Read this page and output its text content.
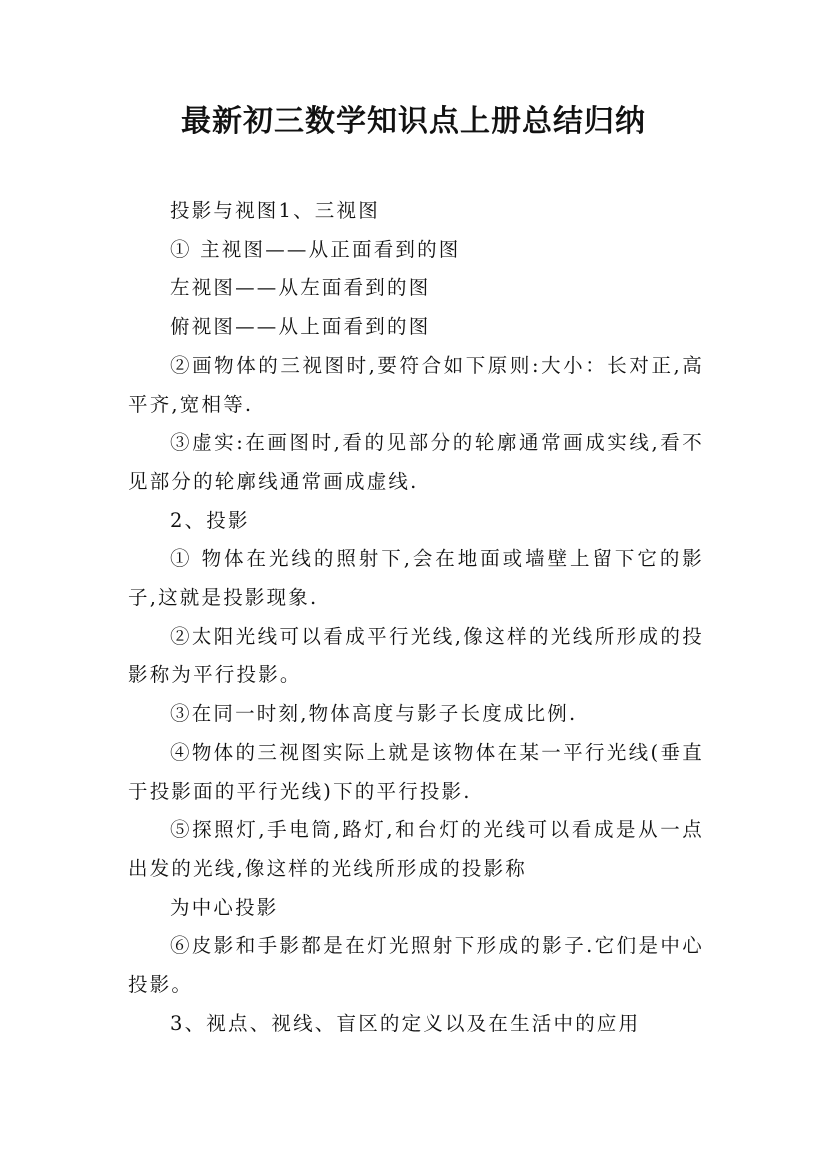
最新初三数学知识点上册总结归纳

投影与视图1、三视图

① 主视图——从正面看到的图

左视图——从左面看到的图

俯视图——从上面看到的图

②画物体的三视图时,要符合如下原则:大小：长对正,高平齐,宽相等.

③虚实:在画图时,看的见部分的轮廓通常画成实线,看不见部分的轮廓线通常画成虚线.

2、投影

① 物体在光线的照射下,会在地面或墙壁上留下它的影子,这就是投影现象.

②太阳光线可以看成平行光线,像这样的光线所形成的投影称为平行投影。

③在同一时刻,物体高度与影子长度成比例.

④物体的三视图实际上就是该物体在某一平行光线(垂直于投影面的平行光线)下的平行投影.

⑤探照灯,手电筒,路灯,和台灯的光线可以看成是从一点出发的光线,像这样的光线所形成的投影称

为中心投影

⑥皮影和手影都是在灯光照射下形成的影子.它们是中心投影。

3、视点、视线、盲区的定义以及在生活中的应用
